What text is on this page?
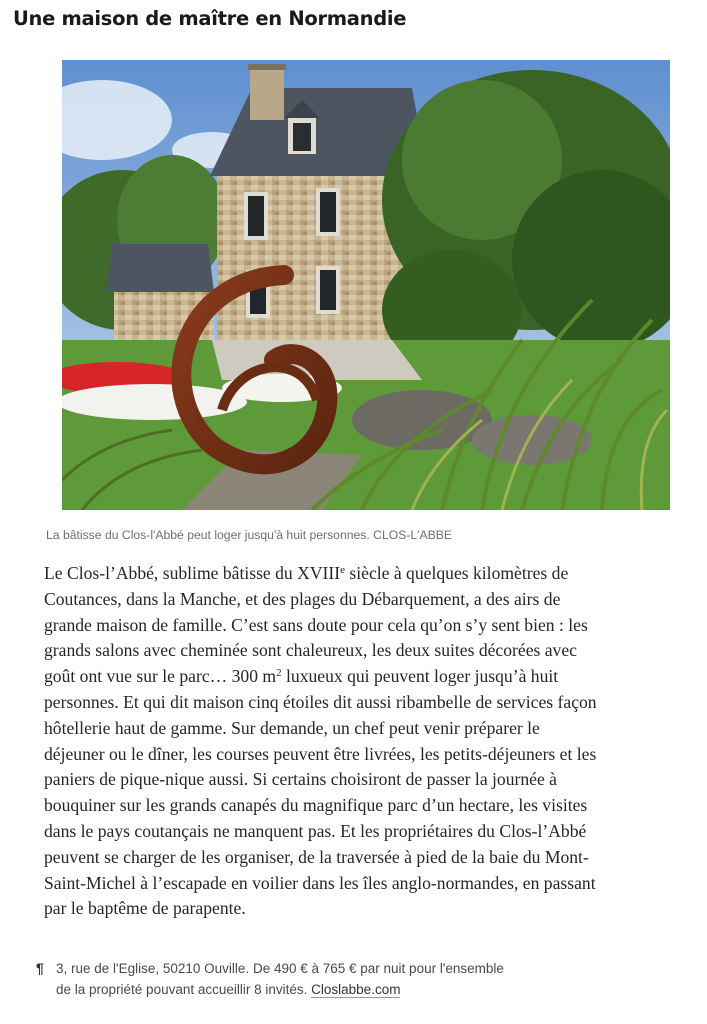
Une maison de maître en Normandie
La bâtisse du Clos-l'Abbé peut loger jusqu'à huit personnes. CLOS-L'ABBE
Le Clos-l’Abbé, sublime bâtisse du XVIIIe siècle à quelques kilomètres de
Coutances, dans la Manche, et des plages du Débarquement, a des airs de
grande maison de famille. C’est sans doute pour cela qu’on s’y sent bien : les
grands salons avec cheminée sont chaleureux, les deux suites décorées avec
goût ont vue sur le parc… 300 $m^2$ luxueux qui peuvent loger jusqu’à huit
personnes. Et qui dit maison cinq étoiles dit aussi ribambelle de services façon
hôtellerie haut de gamme. Sur demande, un chef peut venir préparer le
déjeuner ou le dîner, les courses peuvent être livrées, les petits-déjeuners et les
paniers de pique-nique aussi. Si certains choisiront de passer la journée à
bouquiner sur les grands canapés du magnifique parc d’un hectare, les visites
dans le pays coutançais ne manquent pas. Et les propriétaires du Clos-l’Abbé
peuvent se charger de les organiser, de la traversée à pied de la baie du Mont-
Saint-Michel à l’escapade en voilier dans les îles anglo-normandes, en passant
par le baptême de parapente.
¶ 3, rue de l'Eglise, 50210 Ouville. De 490 € à 765 € par nuit pour l'ensemble
de la propriété pouvant accueillir 8 invités. Closlabbe.com
